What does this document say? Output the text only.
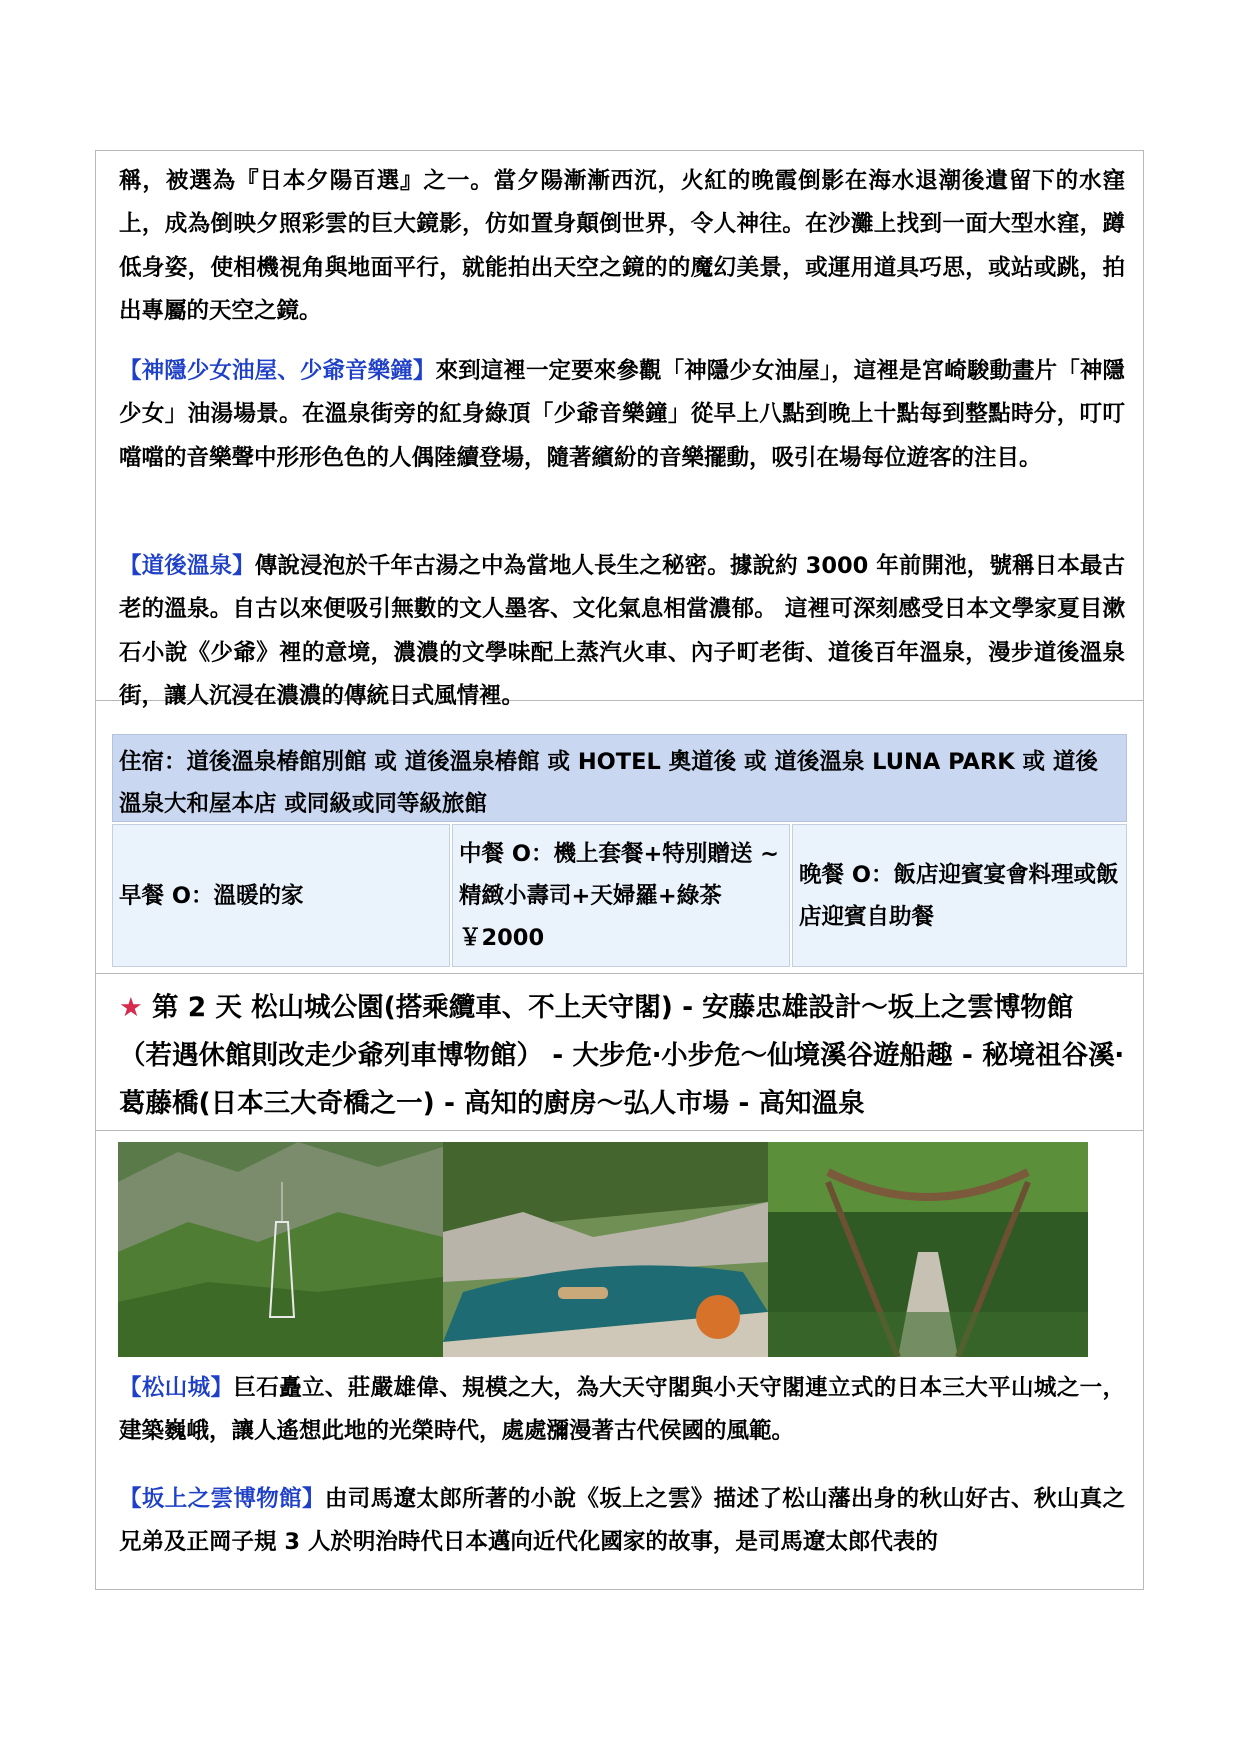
稱，被選為『日本夕陽百選』之一。當夕陽漸漸西沉，火紅的晚霞倒影在海水退潮後遺留下的水窪上，成為倒映夕照彩雲的巨大鏡影，仿如置身顛倒世界，令人神往。在沙灘上找到一面大型水窪，蹲低身姿，使相機視角與地面平行，就能拍出天空之鏡的的魔幻美景，或運用道具巧思，或站或跳，拍出專屬的天空之鏡。

【神隱少女油屋、少爺音樂鐘】來到這裡一定要來參觀「神隱少女油屋」，這裡是宮崎駿動畫片「神隱少女」油湯場景。在溫泉街旁的紅身綠頂「少爺音樂鐘」從早上八點到晚上十點每到整點時分，叮叮噹噹的音樂聲中形形色色的人偶陸續登場，隨著繽紛的音樂擺動，吸引在場每位遊客的注目。

【道後溫泉】傳說浸泡於千年古湯之中為當地人長生之秘密。據說約 3000 年前開池，號稱日本最古老的溫泉。自古以來便吸引無數的文人墨客、文化氣息相當濃郁。 這裡可深刻感受日本文學家夏目漱石小說《少爺》裡的意境，濃濃的文學味配上蒸汽火車、內子町老街、道後百年溫泉，漫步道後溫泉街，讓人沉浸在濃濃的傳統日式風情裡。

住宿：道後溫泉椿館別館 或 道後溫泉椿館 或 HOTEL 奧道後 或 道後溫泉 LUNA PARK 或 道後溫泉大和屋本店 或同級或同等級旅館
早餐 O：溫暖的家
中餐 O：機上套餐+特別贈送 ~精緻小壽司+天婦羅+綠茶 ￥2000
晚餐 O：飯店迎賓宴會料理或飯店迎賓自助餐

★ 第 2 天 松山城公園(搭乘纜車、不上天守閣) - 安藤忠雄設計～坂上之雲博物館（若遇休館則改走少爺列車博物館） - 大步危‧小步危～仙境溪谷遊船趣 - 秘境祖谷溪‧葛藤橋(日本三大奇橋之一) - 高知的廚房～弘人市場 - 高知溫泉

【松山城】巨石矗立、莊嚴雄偉、規模之大，為大天守閣與小天守閣連立式的日本三大平山城之一，建築巍峨，讓人遙想此地的光榮時代，處處瀰漫著古代侯國的風範。

【坂上之雲博物館】由司馬遼太郎所著的小說《坂上之雲》描述了松山藩出身的秋山好古、秋山真之兄弟及正岡子規 3 人於明治時代日本邁向近代化國家的故事，是司馬遼太郎代表的
